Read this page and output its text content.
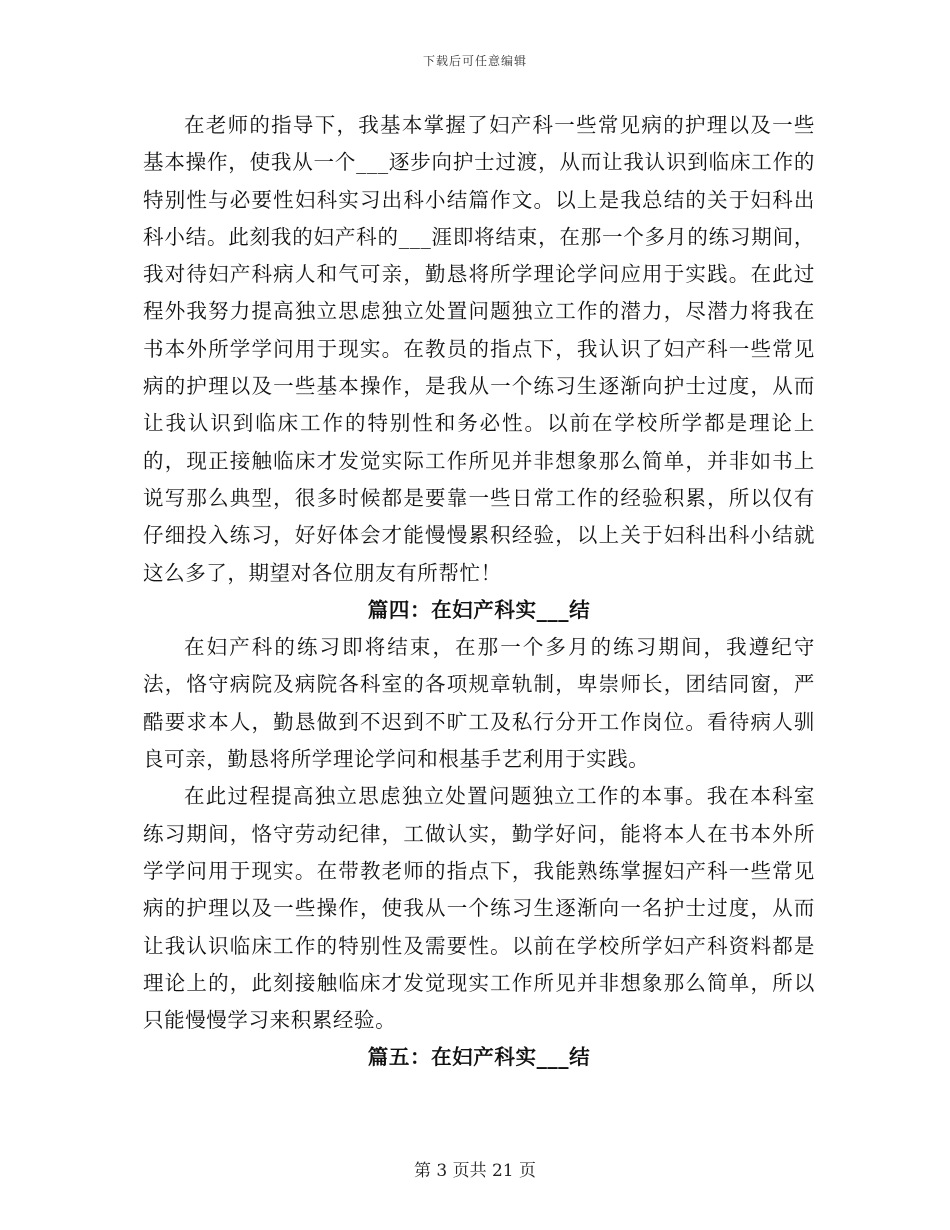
下载后可任意编辑

在老师的指导下，我基本掌握了妇产科一些常见病的护理以及一些基本操作，使我从一个___逐步向护士过渡，从而让我认识到临床工作的特别性与必要性妇科实习出科小结篇作文。以上是我总结的关于妇科出科小结。此刻我的妇产科的___涯即将结束，在那一个多月的练习期间，我对待妇产科病人和气可亲，勤恳将所学理论学问应用于实践。在此过程外我努力提高独立思虑独立处置问题独立工作的潜力，尽潜力将我在书本外所学学问用于现实。在教员的指点下，我认识了妇产科一些常见病的护理以及一些基本操作，是我从一个练习生逐渐向护士过度，从而让我认识到临床工作的特别性和务必性。以前在学校所学都是理论上的，现正接触临床才发觉实际工作所见并非想象那么简单，并非如书上说写那么典型，很多时候都是要靠一些日常工作的经验积累，所以仅有仔细投入练习，好好体会才能慢慢累积经验，以上关于妇科出科小结就这么多了，期望对各位朋友有所帮忙！

篇四：在妇产科实___结

在妇产科的练习即将结束，在那一个多月的练习期间，我遵纪守法，恪守病院及病院各科室的各项规章轨制，卑崇师长，团结同窗，严酷要求本人，勤恳做到不迟到不旷工及私行分开工作岗位。看待病人驯良可亲，勤恳将所学理论学问和根基手艺利用于实践。

在此过程提高独立思虑独立处置问题独立工作的本事。我在本科室练习期间，恪守劳动纪律，工做认实，勤学好问，能将本人在书本外所学学问用于现实。在带教老师的指点下，我能熟练掌握妇产科一些常见病的护理以及一些操作，使我从一个练习生逐渐向一名护士过度，从而让我认识临床工作的特别性及需要性。以前在学校所学妇产科资料都是理论上的，此刻接触临床才发觉现实工作所见并非想象那么简单，所以只能慢慢学习来积累经验。

篇五：在妇产科实___结
第 3 页共 21 页
